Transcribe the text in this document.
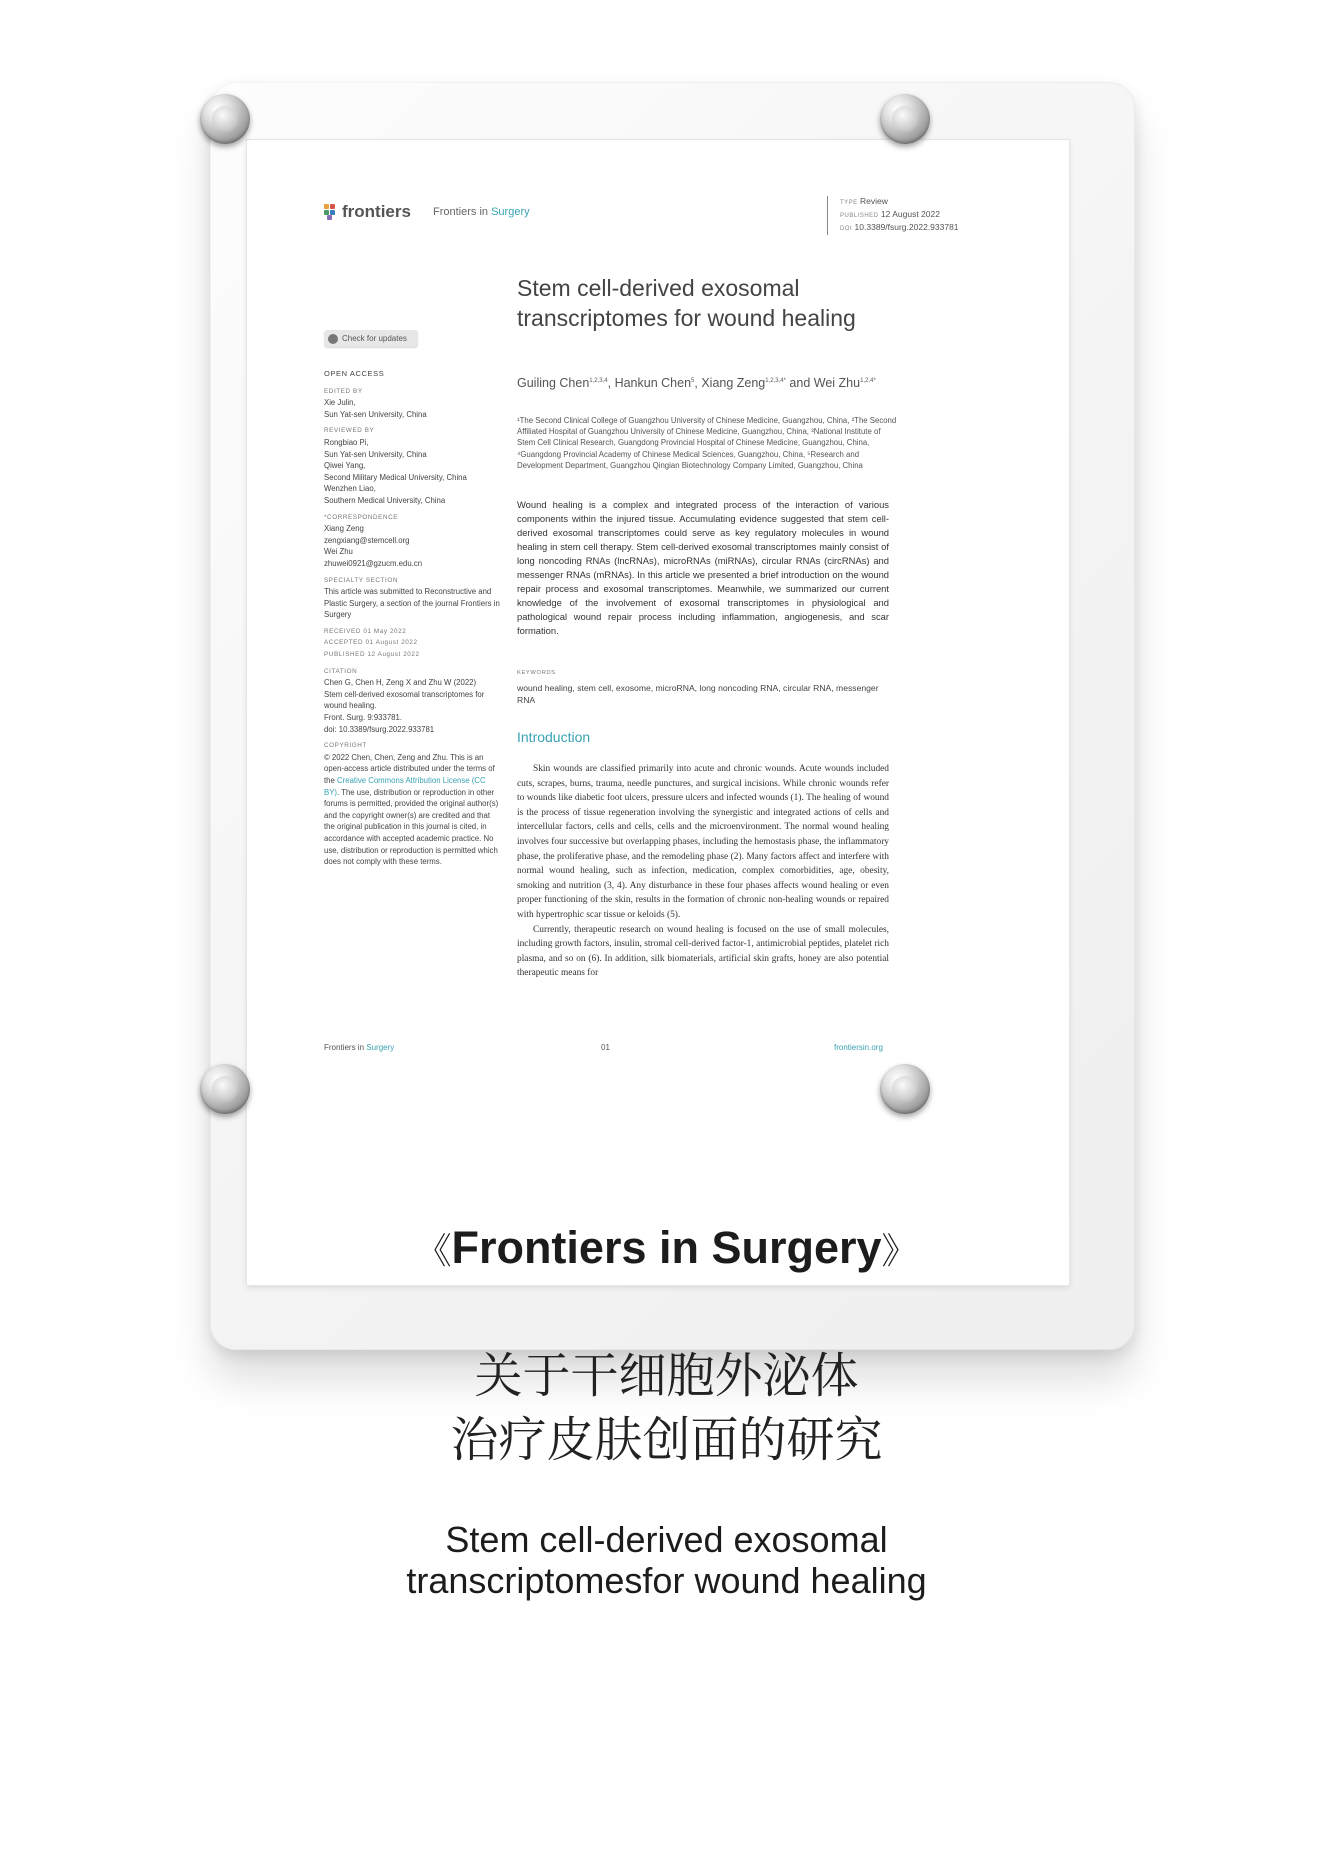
frontiers Frontiers in Surgery
TYPE Review
PUBLISHED 12 August 2022
DOI 10.3389/fsurg.2022.933781
Check for updates
OPEN ACCESS
EDITED BY
Xie Julin,
Sun Yat-sen University, China
REVIEWED BY
Rongbiao Pi,
Sun Yat-sen University, China
Qiwei Yang,
Second Military Medical University, China
Wenzhen Liao,
Southern Medical University, China
*CORRESPONDENCE
Xiang Zeng
zengxiang@stemcell.org
Wei Zhu
zhuwei0921@gzucm.edu.cn
SPECIALTY SECTION
This article was submitted to Reconstructive and Plastic Surgery, a section of the journal Frontiers in Surgery
RECEIVED 01 May 2022
ACCEPTED 01 August 2022
PUBLISHED 12 August 2022
CITATION
Chen G, Chen H, Zeng X and Zhu W (2022)
Stem cell-derived exosomal transcriptomes for wound healing.
Front. Surg. 9:933781.
doi: 10.3389/fsurg.2022.933781
COPYRIGHT
© 2022 Chen, Chen, Zeng and Zhu. This is an open-access article distributed under the terms of the Creative Commons Attribution License (CC BY). The use, distribution or reproduction in other forums is permitted, provided the original author(s) and the copyright owner(s) are credited and that the original publication in this journal is cited, in accordance with accepted academic practice. No use, distribution or reproduction is permitted which does not comply with these terms.
Stem cell-derived exosomal transcriptomes for wound healing
Guiling Chen$^{1,2,3,4}$, Hankun Chen$^5$, Xiang Zeng$^{1,2,3,4*}$ and Wei Zhu$^{1,2,4*}$
¹The Second Clinical College of Guangzhou University of Chinese Medicine, Guangzhou, China, ²The Second Affiliated Hospital of Guangzhou University of Chinese Medicine, Guangzhou, China, ³National Institute of Stem Cell Clinical Research, Guangdong Provincial Hospital of Chinese Medicine, Guangzhou, China, ⁴Guangdong Provincial Academy of Chinese Medical Sciences, Guangzhou, China, ⁵Research and Development Department, Guangzhou Qingian Biotechnology Company Limited, Guangzhou, China
Wound healing is a complex and integrated process of the interaction of various components within the injured tissue. Accumulating evidence suggested that stem cell-derived exosomal transcriptomes could serve as key regulatory molecules in wound healing in stem cell therapy. Stem cell-derived exosomal transcriptomes mainly consist of long noncoding RNAs (lncRNAs), microRNAs (miRNAs), circular RNAs (circRNAs) and messenger RNAs (mRNAs). In this article we presented a brief introduction on the wound repair process and exosomal transcriptomes. Meanwhile, we summarized our current knowledge of the involvement of exosomal transcriptomes in physiological and pathological wound repair process including inflammation, angiogenesis, and scar formation.
KEYWORDS
wound healing, stem cell, exosome, microRNA, long noncoding RNA, circular RNA, messenger RNA
Introduction

Skin wounds are classified primarily into acute and chronic wounds. Acute wounds included cuts, scrapes, burns, trauma, needle punctures, and surgical incisions. While chronic wounds refer to wounds like diabetic foot ulcers, pressure ulcers and infected wounds (1). The healing of wound is the process of tissue regeneration involving the synergistic and integrated actions of cells and intercellular factors, cells and cells, cells and the microenvironment. The normal wound healing involves four successive but overlapping phases, including the hemostasis phase, the inflammatory phase, the proliferative phase, and the remodeling phase (2). Many factors affect and interfere with normal wound healing, such as infection, medication, complex comorbidities, age, obesity, smoking and nutrition (3, 4). Any disturbance in these four phases affects wound healing or even proper functioning of the skin, results in the formation of chronic non-healing wounds or repaired with hypertrophic scar tissue or keloids (5).

Currently, therapeutic research on wound healing is focused on the use of small molecules, including growth factors, insulin, stromal cell-derived factor-1, antimicrobial peptides, platelet rich plasma, and so on (6). In addition, silk biomaterials, artificial skin grafts, honey are also potential therapeutic means for

Frontiers in Surgery	01	frontiersin.org
《Frontiers in Surgery》
关于干细胞外泌体
治疗皮肤创面的研究
Stem cell-derived exosomal
transcriptomesfor wound healing
